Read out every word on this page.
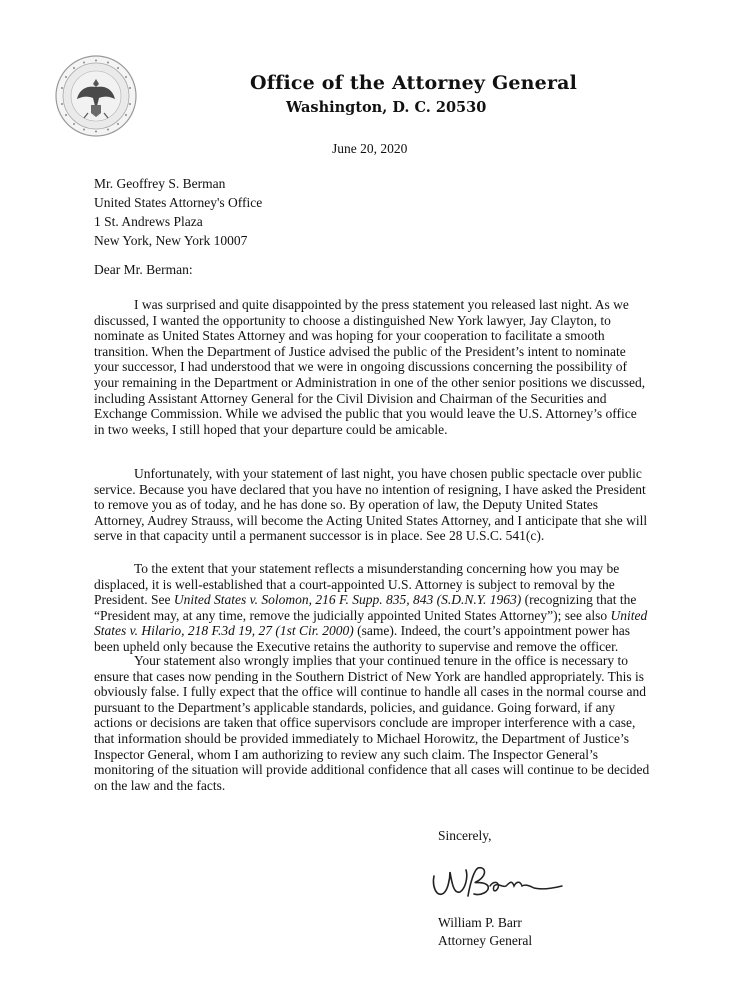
Office of the Attorney General
Washington, D. C. 20530
June 20, 2020
Mr. Geoffrey S. Berman
United States Attorney's Office
1 St. Andrews Plaza
New York, New York 10007
Dear Mr. Berman:

I was surprised and quite disappointed by the press statement you released last night. As we discussed, I wanted the opportunity to choose a distinguished New York lawyer, Jay Clayton, to nominate as United States Attorney and was hoping for your cooperation to facilitate a smooth transition. When the Department of Justice advised the public of the President’s intent to nominate your successor, I had understood that we were in ongoing discussions concerning the possibility of your remaining in the Department or Administration in one of the other senior positions we discussed, including Assistant Attorney General for the Civil Division and Chairman of the Securities and Exchange Commission. While we advised the public that you would leave the U.S. Attorney’s office in two weeks, I still hoped that your departure could be amicable.

Unfortunately, with your statement of last night, you have chosen public spectacle over public service. Because you have declared that you have no intention of resigning, I have asked the President to remove you as of today, and he has done so. By operation of law, the Deputy United States Attorney, Audrey Strauss, will become the Acting United States Attorney, and I anticipate that she will serve in that capacity until a permanent successor is in place. See 28 U.S.C. 541(c).

To the extent that your statement reflects a misunderstanding concerning how you may be displaced, it is well-established that a court-appointed U.S. Attorney is subject to removal by the President. See United States v. Solomon, 216 F. Supp. 835, 843 (S.D.N.Y. 1963) (recognizing that the “President may, at any time, remove the judicially appointed United States Attorney”); see also United States v. Hilario, 218 F.3d 19, 27 (1st Cir. 2000) (same). Indeed, the court’s appointment power has been upheld only because the Executive retains the authority to supervise and remove the officer.

Your statement also wrongly implies that your continued tenure in the office is necessary to ensure that cases now pending in the Southern District of New York are handled appropriately. This is obviously false. I fully expect that the office will continue to handle all cases in the normal course and pursuant to the Department’s applicable standards, policies, and guidance. Going forward, if any actions or decisions are taken that office supervisors conclude are improper interference with a case, that information should be provided immediately to Michael Horowitz, the Department of Justice’s Inspector General, whom I am authorizing to review any such claim. The Inspector General’s monitoring of the situation will provide additional confidence that all cases will continue to be decided on the law and the facts.

Sincerely,
William P. Barr
Attorney General
